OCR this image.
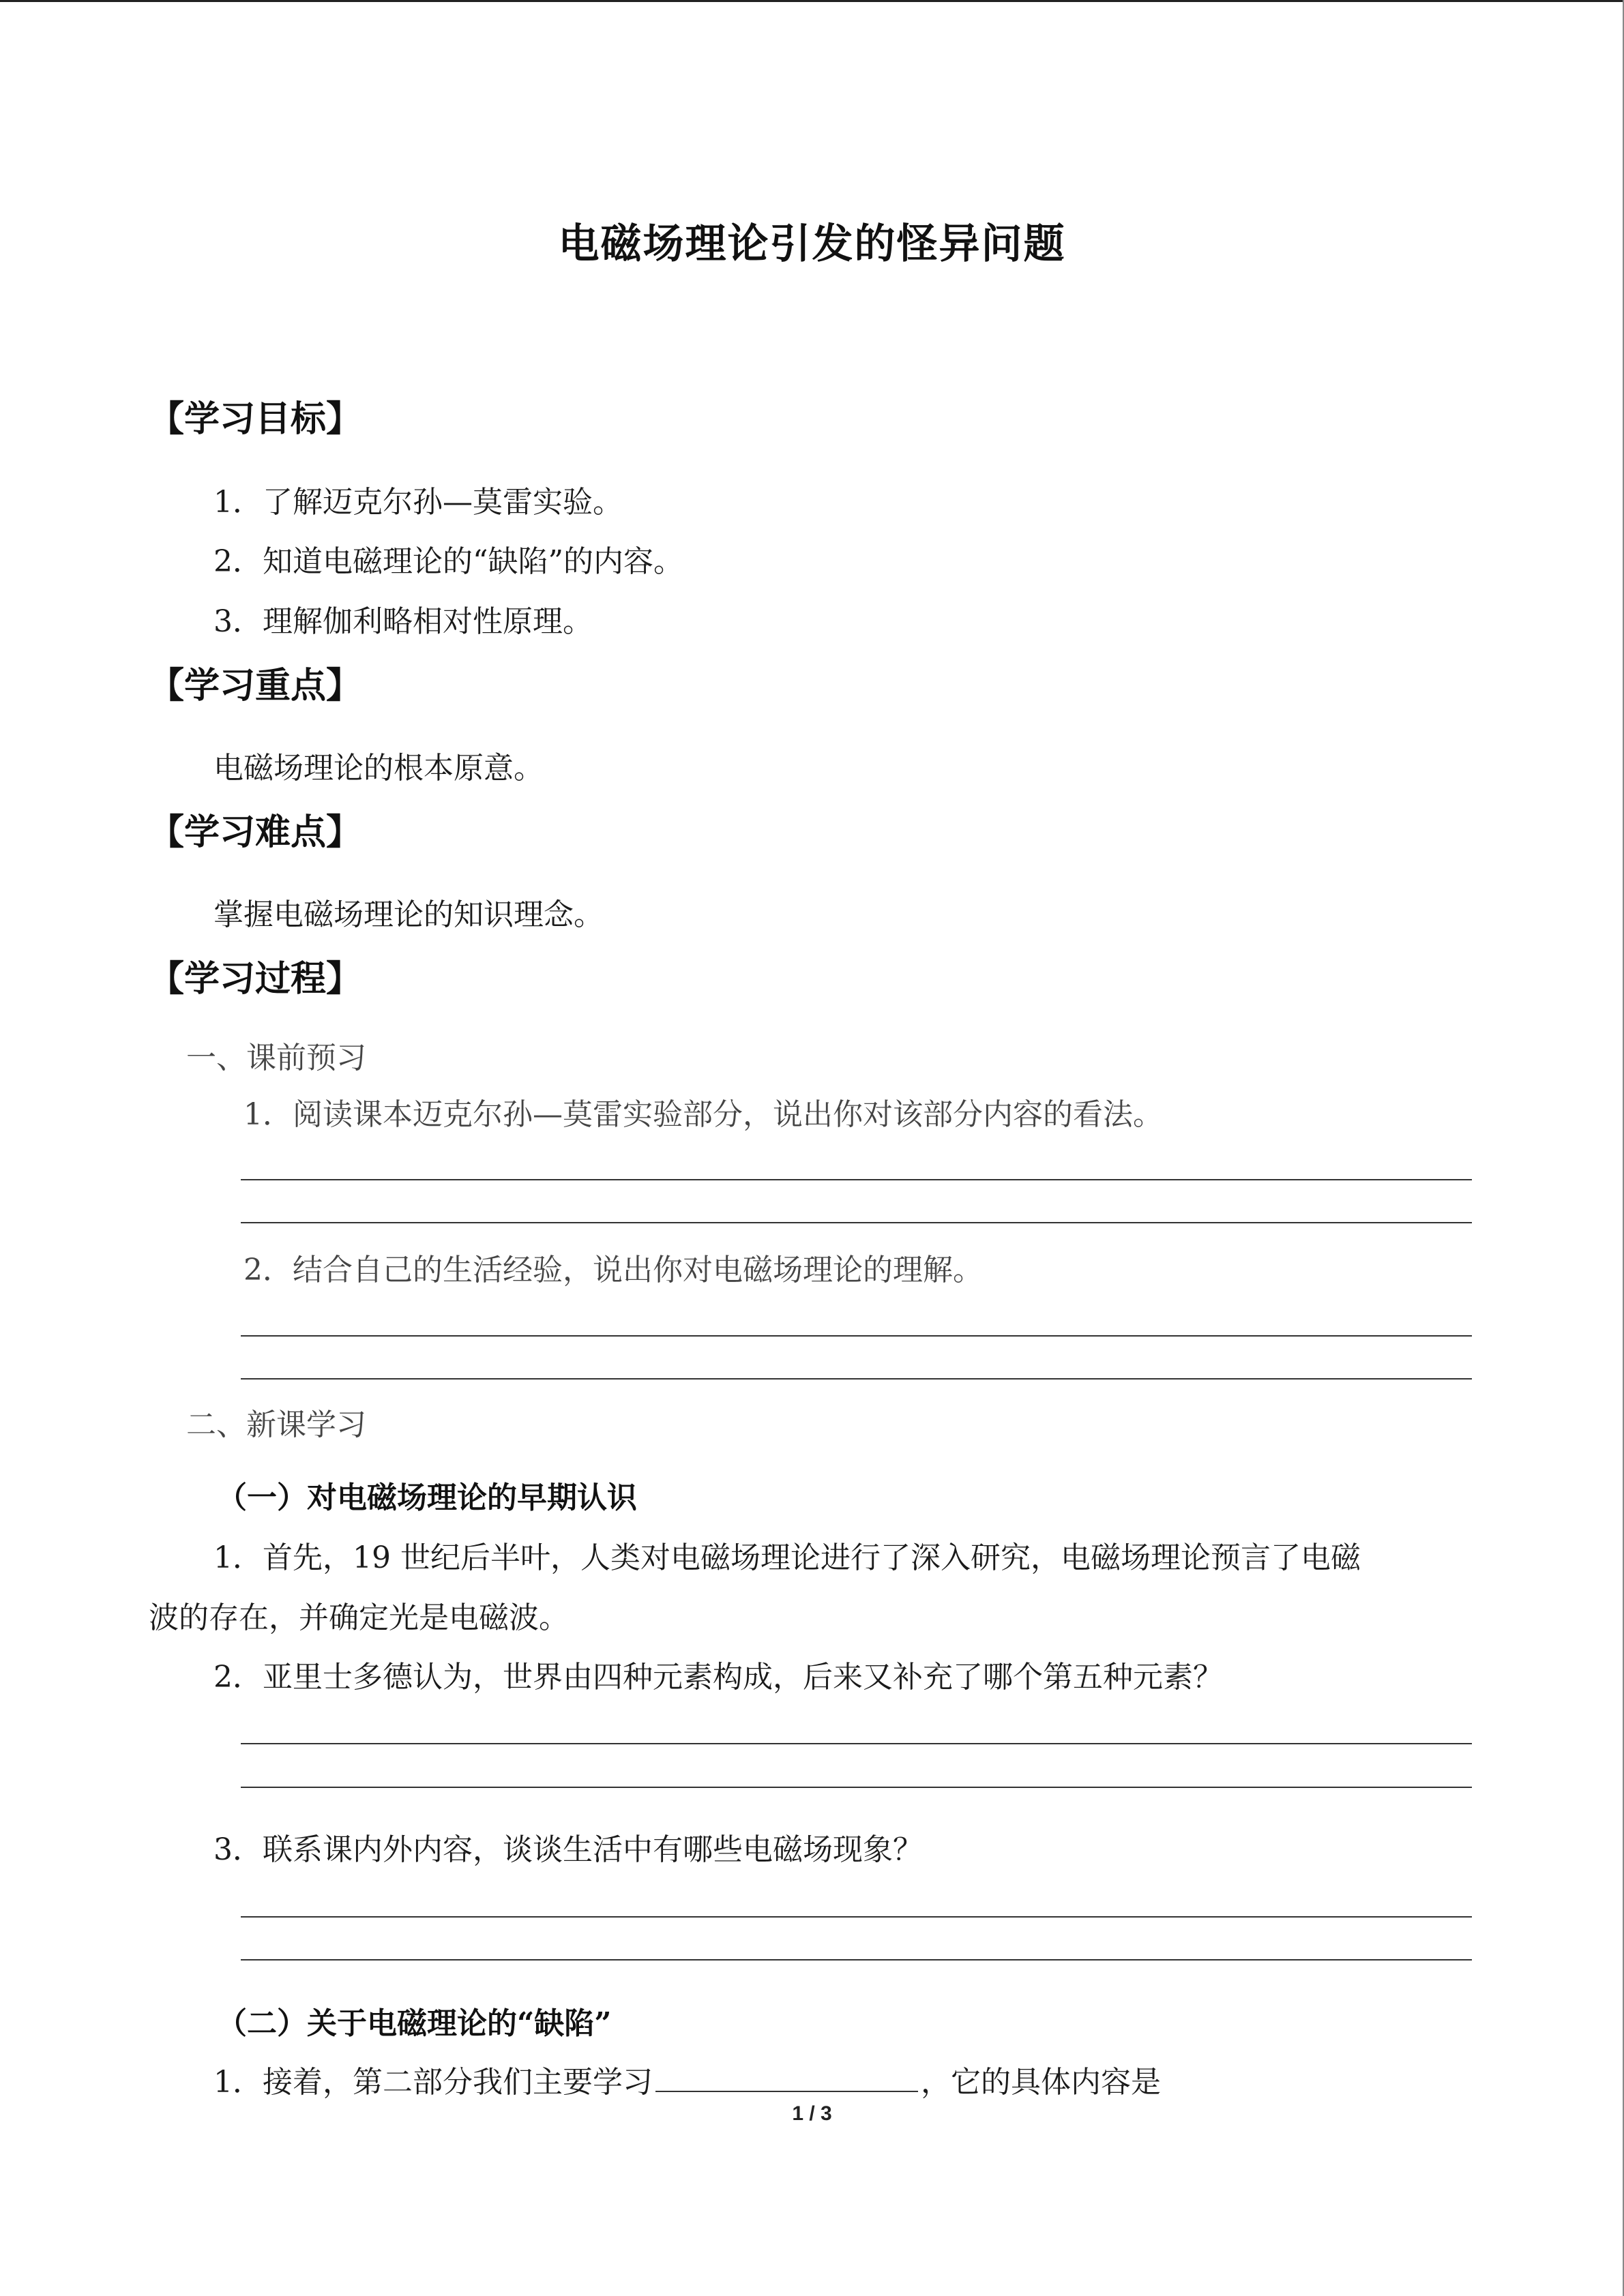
电磁场理论引发的怪异问题
【学习目标】
1．了解迈克尔孙—莫雷实验。
2．知道电磁理论的“缺陷”的内容。
3．理解伽利略相对性原理。
【学习重点】
电磁场理论的根本原意。
【学习难点】
掌握电磁场理论的知识理念。
【学习过程】
一、课前预习
1．阅读课本迈克尔孙—莫雷实验部分，说出你对该部分内容的看法。
2．结合自己的生活经验，说出你对电磁场理论的理解。
二、新课学习
（一）对电磁场理论的早期认识
1．首先，19 世纪后半叶，人类对电磁场理论进行了深入研究，电磁场理论预言了电磁
波的存在，并确定光是电磁波。
2．亚里士多德认为，世界由四种元素构成，后来又补充了哪个第五种元素？
3．联系课内外内容，谈谈生活中有哪些电磁场现象？
（二）关于电磁理论的“缺陷”
1．接着，第二部分我们主要学习	，它的具体内容是
1 / 3
